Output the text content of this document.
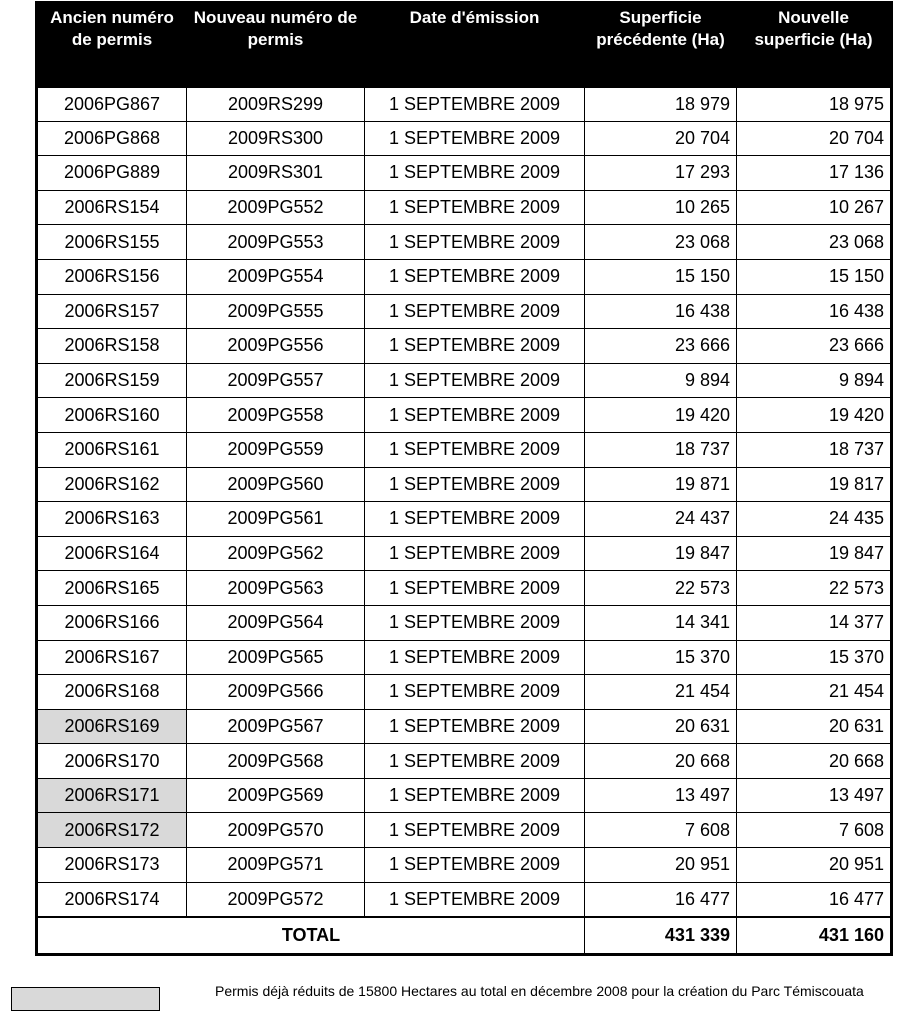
Ancien numéro de permis	Nouveau numéro de permis	Date d'émission	Superficie précédente (Ha)	Nouvelle superficie (Ha)
2006PG867	2009RS299	1 SEPTEMBRE 2009	18 979	18 975
2006PG868	2009RS300	1 SEPTEMBRE 2009	20 704	20 704
2006PG889	2009RS301	1 SEPTEMBRE 2009	17 293	17 136
2006RS154	2009PG552	1 SEPTEMBRE 2009	10 265	10 267
2006RS155	2009PG553	1 SEPTEMBRE 2009	23 068	23 068
2006RS156	2009PG554	1 SEPTEMBRE 2009	15 150	15 150
2006RS157	2009PG555	1 SEPTEMBRE 2009	16 438	16 438
2006RS158	2009PG556	1 SEPTEMBRE 2009	23 666	23 666
2006RS159	2009PG557	1 SEPTEMBRE 2009	9 894	9 894
2006RS160	2009PG558	1 SEPTEMBRE 2009	19 420	19 420
2006RS161	2009PG559	1 SEPTEMBRE 2009	18 737	18 737
2006RS162	2009PG560	1 SEPTEMBRE 2009	19 871	19 817
2006RS163	2009PG561	1 SEPTEMBRE 2009	24 437	24 435
2006RS164	2009PG562	1 SEPTEMBRE 2009	19 847	19 847
2006RS165	2009PG563	1 SEPTEMBRE 2009	22 573	22 573
2006RS166	2009PG564	1 SEPTEMBRE 2009	14 341	14 377
2006RS167	2009PG565	1 SEPTEMBRE 2009	15 370	15 370
2006RS168	2009PG566	1 SEPTEMBRE 2009	21 454	21 454
2006RS169	2009PG567	1 SEPTEMBRE 2009	20 631	20 631
2006RS170	2009PG568	1 SEPTEMBRE 2009	20 668	20 668
2006RS171	2009PG569	1 SEPTEMBRE 2009	13 497	13 497
2006RS172	2009PG570	1 SEPTEMBRE 2009	7 608	7 608
2006RS173	2009PG571	1 SEPTEMBRE 2009	20 951	20 951
2006RS174	2009PG572	1 SEPTEMBRE 2009	16 477	16 477
TOTAL			431 339	431 160
Permis déjà réduits de 15800 Hectares au total en décembre 2008 pour la création du Parc Témiscouata
